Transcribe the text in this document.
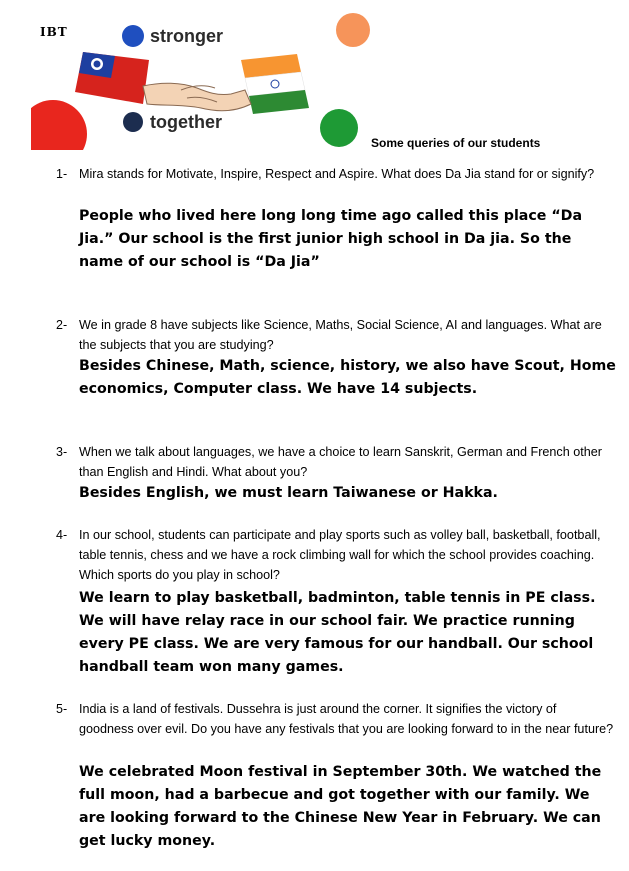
IBT	stronger
together
Some queries of our students
1- Mira stands for Motivate, Inspire, Respect and Aspire. What does Da Jia stand for or signify?
People who lived here long long time ago called this place “Da Jia.” Our school is the first junior high school in Da jia. So the name of our school is “Da Jia”
2- We in grade 8 have subjects like Science, Maths, Social Science, AI and languages. What are the subjects that you are studying?
Besides Chinese, Math, science, history, we also have Scout, Home economics, Computer class. We have 14 subjects.
3- When we talk about languages, we have a choice to learn Sanskrit, German and French other than English and Hindi. What about you?
Besides English, we must learn Taiwanese or Hakka.
4- In our school, students can participate and play sports such as volley ball, basketball, football, table tennis, chess and we have a rock climbing wall for which the school provides coaching. Which sports do you play in school?
We learn to play basketball, badminton, table tennis in PE class. We will have relay race in our school fair. We practice running every PE class. We are very famous for our handball. Our school handball team won many games.
5- India is a land of festivals. Dussehra is just around the corner. It signifies the victory of goodness over evil. Do you have any festivals that you are looking forward to in the near future?
We celebrated Moon festival in September 30th. We watched the full moon, had a barbecue and got together with our family. We are looking forward to the Chinese New Year in February. We can get lucky money.
